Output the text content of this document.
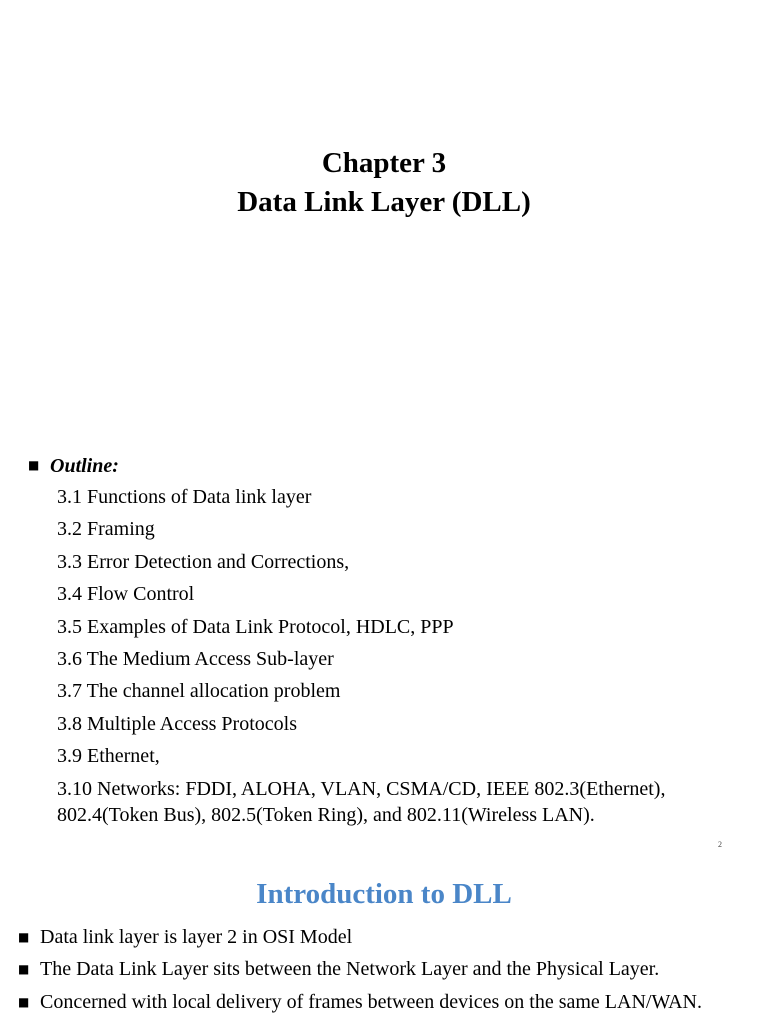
Chapter 3
Data Link Layer (DLL)
■ Outline:
3.1 Functions of Data link layer
3.2 Framing
3.3 Error Detection and Corrections,
3.4 Flow Control
3.5 Examples of Data Link Protocol, HDLC, PPP
3.6 The Medium Access Sub-layer
3.7 The channel allocation problem
3.8 Multiple Access Protocols
3.9 Ethernet,
3.10 Networks: FDDI, ALOHA, VLAN, CSMA/CD, IEEE 802.3(Ethernet), 802.4(Token Bus), 802.5(Token Ring), and 802.11(Wireless LAN).
2
Introduction to DLL
■ Data link layer is layer 2 in OSI Model
■ The Data Link Layer sits between the Network Layer and the Physical Layer.
■ Concerned with local delivery of frames between devices on the same LAN/WAN.
